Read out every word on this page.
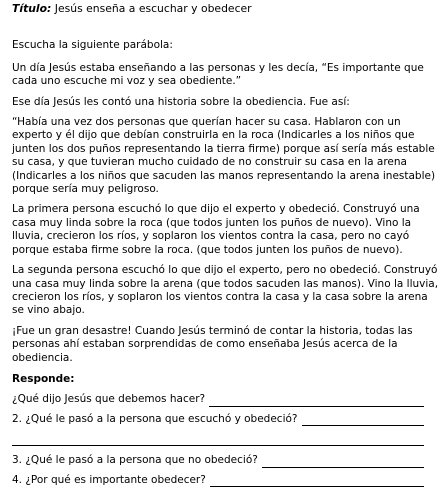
Título: Jesús enseña a escuchar y obedecer

Escucha la siguiente parábola:

Un día Jesús estaba enseñando a las personas y les decía, “Es importante que cada uno escuche mi voz y sea obediente.”

Ese día Jesús les contó una historia sobre la obediencia. Fue así:

“Había una vez dos personas que querían hacer su casa. Hablaron con un experto y él dijo que debían construirla en la roca (Indicarles a los niños que junten los dos puños representando la tierra firme) porque así sería más estable su casa, y que tuvieran mucho cuidado de no construir su casa en la arena (Indicarles a los niños que sacuden las manos representando la arena inestable) porque sería muy peligroso.

La primera persona escuchó lo que dijo el experto y obedeció. Construyó una casa muy linda sobre la roca (que todos junten los puños de nuevo). Vino la lluvia, crecieron los ríos, y soplaron los vientos contra la casa, pero no cayó porque estaba firme sobre la roca. (que todos junten los puños de nuevo).

La segunda persona escuchó lo que dijo el experto, pero no obedeció. Construyó una casa muy linda sobre la arena (que todos sacuden las manos). Vino la lluvia, crecieron los ríos, y soplaron los vientos contra la casa y la casa sobre la arena se vino abajo.

¡Fue un gran desastre! Cuando Jesús terminó de contar la historia, todas las personas ahí estaban sorprendidas de como enseñaba Jesús acerca de la obediencia.

Responde:
¿Qué dijo Jesús que debemos hacer?
2. ¿Qué le pasó a la persona que escuchó y obedeció?
3. ¿Qué le pasó a la persona que no obedeció?
4. ¿Por qué es importante obedecer?
